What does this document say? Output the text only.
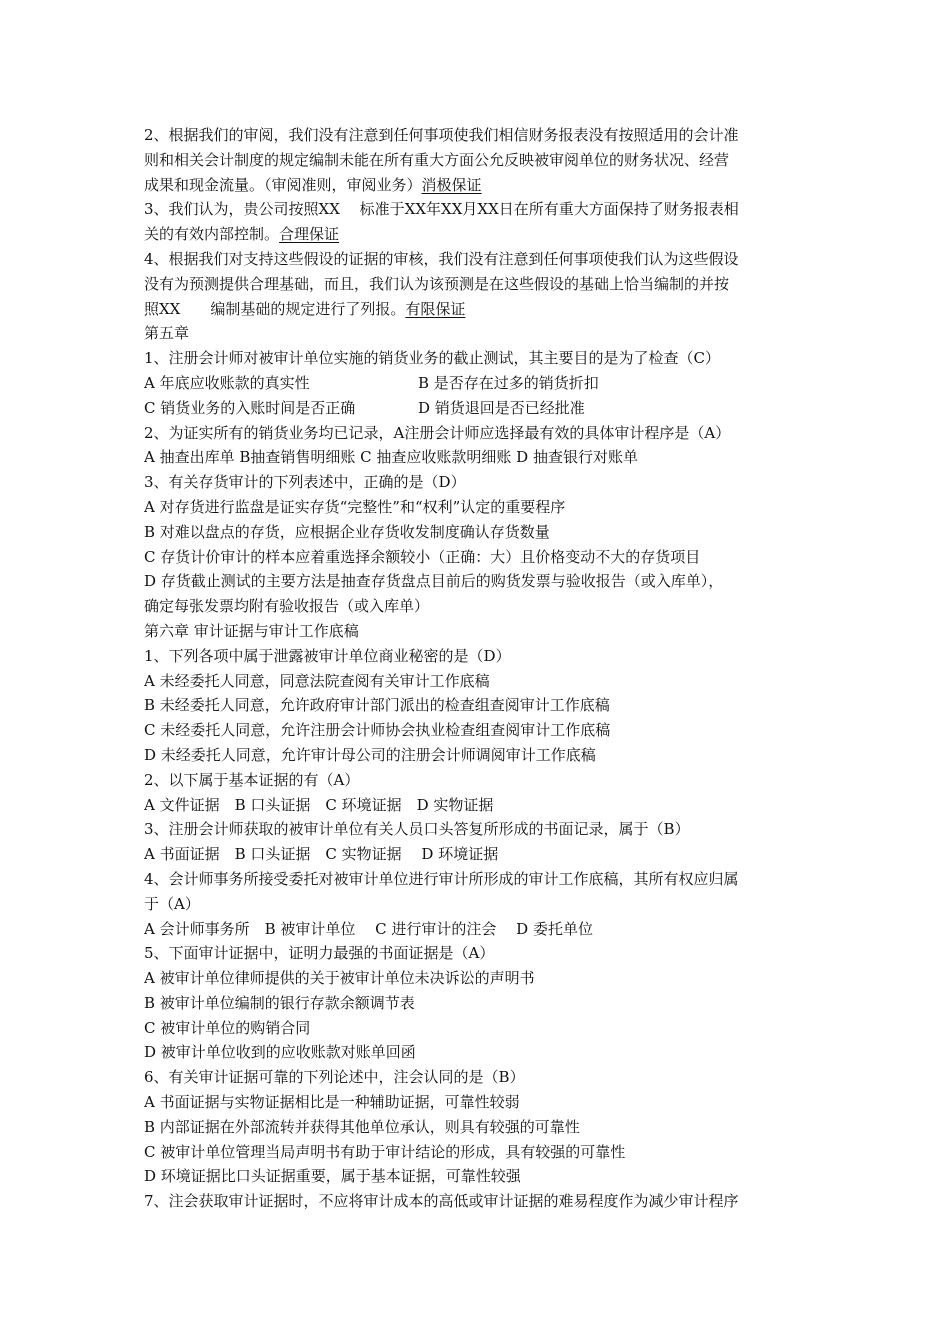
2、根据我们的审阅，我们没有注意到任何事项使我们相信财务报表没有按照适用的会计准
则和相关会计制度的规定编制未能在所有重大方面公允反映被审阅单位的财务状况、经营
成果和现金流量。（审阅准则，审阅业务）消极保证
3、我们认为，贵公司按照XX　 标准于XX年XX月XX日在所有重大方面保持了财务报表相
关的有效内部控制。合理保证
4、根据我们对支持这些假设的证据的审核，我们没有注意到任何事项使我们认为这些假设
没有为预测提供合理基础，而且，我们认为该预测是在这些假设的基础上恰当编制的并按
照XX　　编制基础的规定进行了列报。有限保证
第五章
1、注册会计师对被审计单位实施的销货业务的截止测试，其主要目的是为了检查（C）
A 年底应收账款的真实性	B 是否存在过多的销货折扣
C 销货业务的入账时间是否正确	D 销货退回是否已经批准
2、为证实所有的销货业务均已记录，A注册会计师应选择最有效的具体审计程序是（A）
A 抽查出库单 B抽查销售明细账 C 抽查应收账款明细账 D 抽查银行对账单
3、有关存货审计的下列表述中，正确的是（D）
A 对存货进行监盘是证实存货“完整性”和“权利”认定的重要程序
B 对难以盘点的存货，应根据企业存货收发制度确认存货数量
C 存货计价审计的样本应着重选择余额较小（正确：大）且价格变动不大的存货项目
D 存货截止测试的主要方法是抽查存货盘点目前后的购货发票与验收报告（或入库单），
确定每张发票均附有验收报告（或入库单）
第六章 审计证据与审计工作底稿
1、下列各项中属于泄露被审计单位商业秘密的是（D）
A 未经委托人同意，同意法院查阅有关审计工作底稿
B 未经委托人同意，允许政府审计部门派出的检查组查阅审计工作底稿
C 未经委托人同意，允许注册会计师协会执业检查组查阅审计工作底稿
D 未经委托人同意，允许审计母公司的注册会计师调阅审计工作底稿
2、以下属于基本证据的有（A）
A 文件证据　B 口头证据　C 环境证据　D 实物证据
3、注册会计师获取的被审计单位有关人员口头答复所形成的书面记录，属于（B）
A 书面证据　B 口头证据　C 实物证据　 D 环境证据
4、会计师事务所接受委托对被审计单位进行审计所形成的审计工作底稿，其所有权应归属
于（A）
A 会计师事务所　B 被审计单位　 C 进行审计的注会　 D 委托单位
5、下面审计证据中，证明力最强的书面证据是（A）
A 被审计单位律师提供的关于被审计单位未决诉讼的声明书
B 被审计单位编制的银行存款余额调节表
C 被审计单位的购销合同
D 被审计单位收到的应收账款对账单回函
6、有关审计证据可靠的下列论述中，注会认同的是（B）
A 书面证据与实物证据相比是一种辅助证据，可靠性较弱
B 内部证据在外部流转并获得其他单位承认，则具有较强的可靠性
C 被审计单位管理当局声明书有助于审计结论的形成，具有较强的可靠性
D 环境证据比口头证据重要，属于基本证据，可靠性较强
7、注会获取审计证据时，不应将审计成本的高低或审计证据的难易程度作为减少审计程序
